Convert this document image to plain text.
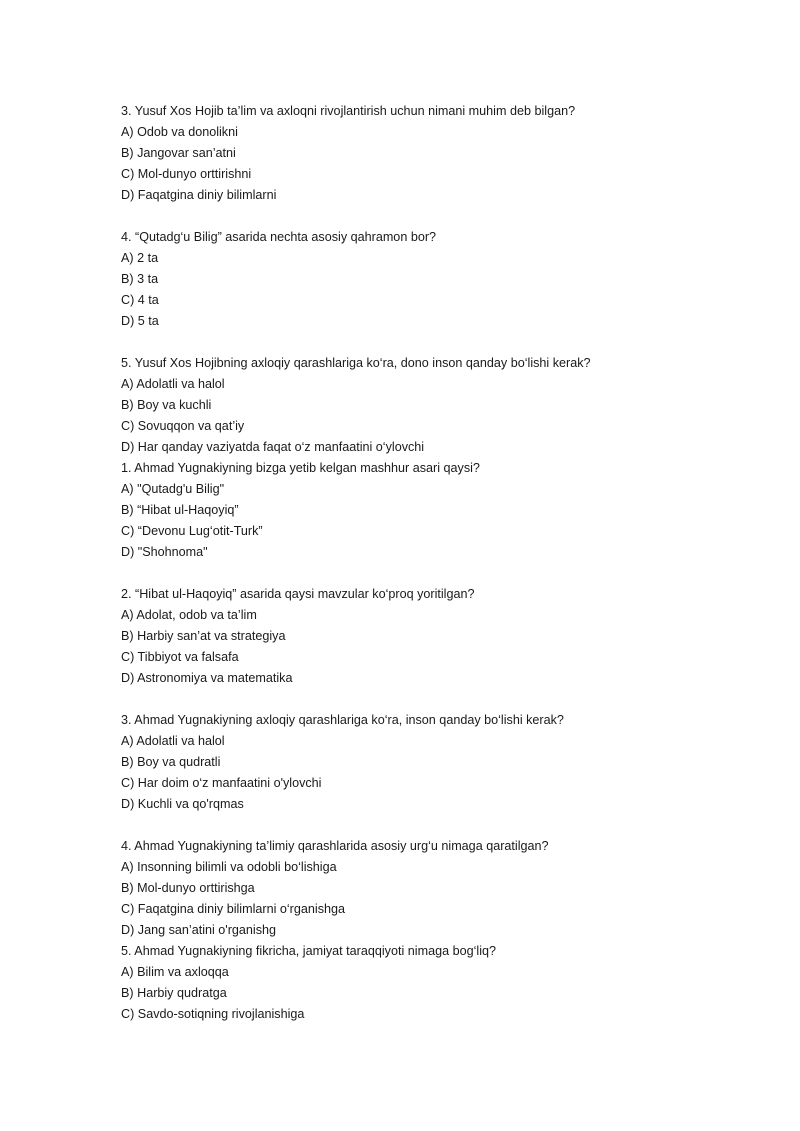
3. Yusuf Xos Hojib ta’lim va axloqni rivojlantirish uchun nimani muhim deb bilgan?
A) Odob va donolikni
B) Jangovar san’atni
C) Mol-dunyo orttirishni
D) Faqatgina diniy bilimlarni
4. “Qutadg‘u Bilig” asarida nechta asosiy qahramon bor?
A) 2 ta
B) 3 ta
C) 4 ta
D) 5 ta
5. Yusuf Xos Hojibning axloqiy qarashlariga ko‘ra, dono inson qanday bo‘lishi kerak?
A) Adolatli va halol
B) Boy va kuchli
C) Sovuqqon va qat’iy
D) Har qanday vaziyatda faqat o‘z manfaatini o‘ylovchi
1. Ahmad Yugnakiyning bizga yetib kelgan mashhur asari qaysi?
A) "Qutadg'u Bilig"
B) “Hibat ul-Haqoyiq”
C) “Devonu Lug‘otit-Turk”
D) "Shohnoma"
2. “Hibat ul-Haqoyiq” asarida qaysi mavzular ko‘proq yoritilgan?
A) Adolat, odob va ta’lim
B) Harbiy san’at va strategiya
C) Tibbiyot va falsafa
D) Astronomiya va matematika
3. Ahmad Yugnakiyning axloqiy qarashlariga ko‘ra, inson qanday bo‘lishi kerak?
A) Adolatli va halol
B) Boy va qudratli
C) Har doim o‘z manfaatini o'ylovchi
D) Kuchli va qo'rqmas
4. Ahmad Yugnakiyning ta’limiy qarashlarida asosiy urg‘u nimaga qaratilgan?
A) Insonning bilimli va odobli bo‘lishiga
B) Mol-dunyo orttirishga
C) Faqatgina diniy bilimlarni o‘rganishga
D) Jang san’atini o'rganishg
5. Ahmad Yugnakiyning fikricha, jamiyat taraqqiyoti nimaga bog‘liq?
A) Bilim va axloqqa
B) Harbiy qudratga
C) Savdo-sotiqning rivojlanishiga
